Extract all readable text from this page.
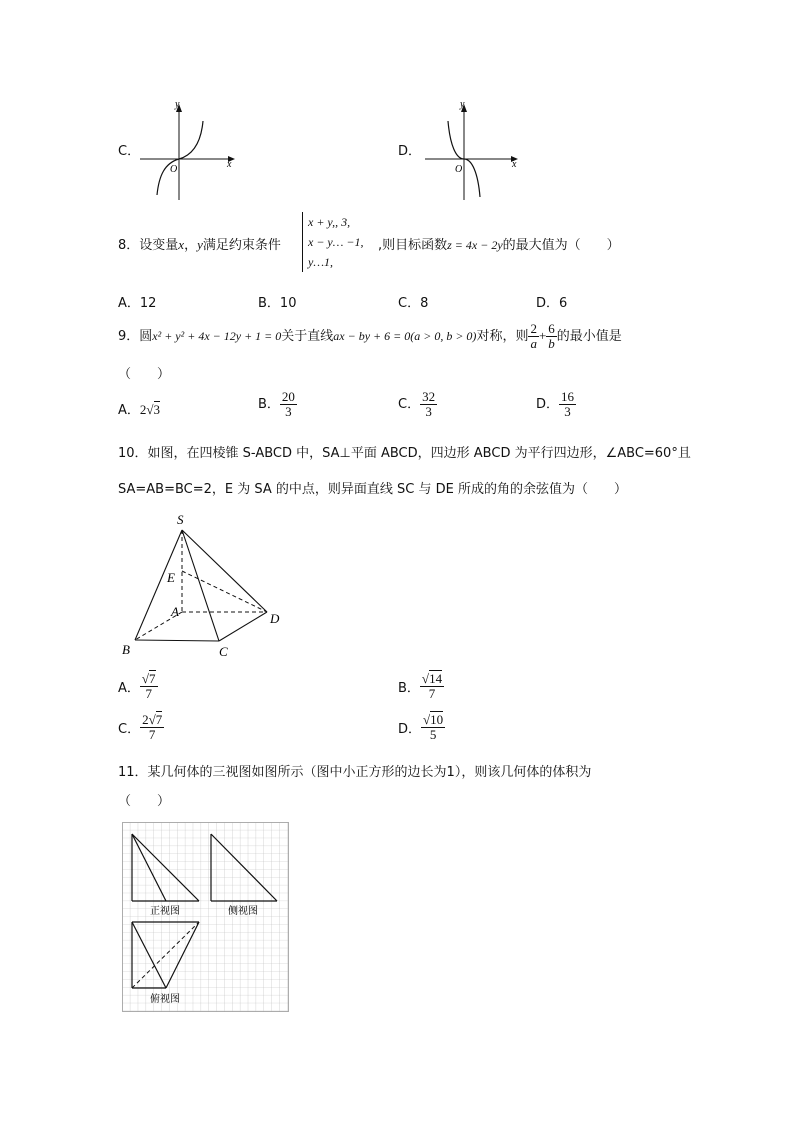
C．
x
y
O
D．
x
y
O
8．设变量x，y满足约束条件
x + y,, 3,
x − y… −1,
y…1,
,则目标函数z = 4x − 2y的最大值为（　　）
A．12	B．10	C．8	D．6
9．圆x² + y² + 4x − 12y + 1 = 0关于直线ax − by + 6 = 0(a > 0, b > 0)对称，则 $\frac{2}{a} + \frac{6}{b}$ 的最小值是
（　　）
A．2√3	B． $\frac{20}{3}$	C． $\frac{32}{3}$	D． $\frac{16}{3}$
10．如图，在四棱锥 S-ABCD 中，SA⊥平面 ABCD，四边形 ABCD 为平行四边形，∠ABC=60°且
SA=AB=BC=2，E 为 SA 的中点，则异面直线 SC 与 DE 所成的角的余弦值为（　　）
S
E
A
B	C
D
A． $\frac{√7}{7}$	B． $\frac{√14}{7}$
C． $\frac{2√7}{7}$	D． $\frac{√10}{5}$
11．某几何体的三视图如图所示（图中小正方形的边长为1），则该几何体的体积为
（　　）
正视图	侧视图
俯视图
